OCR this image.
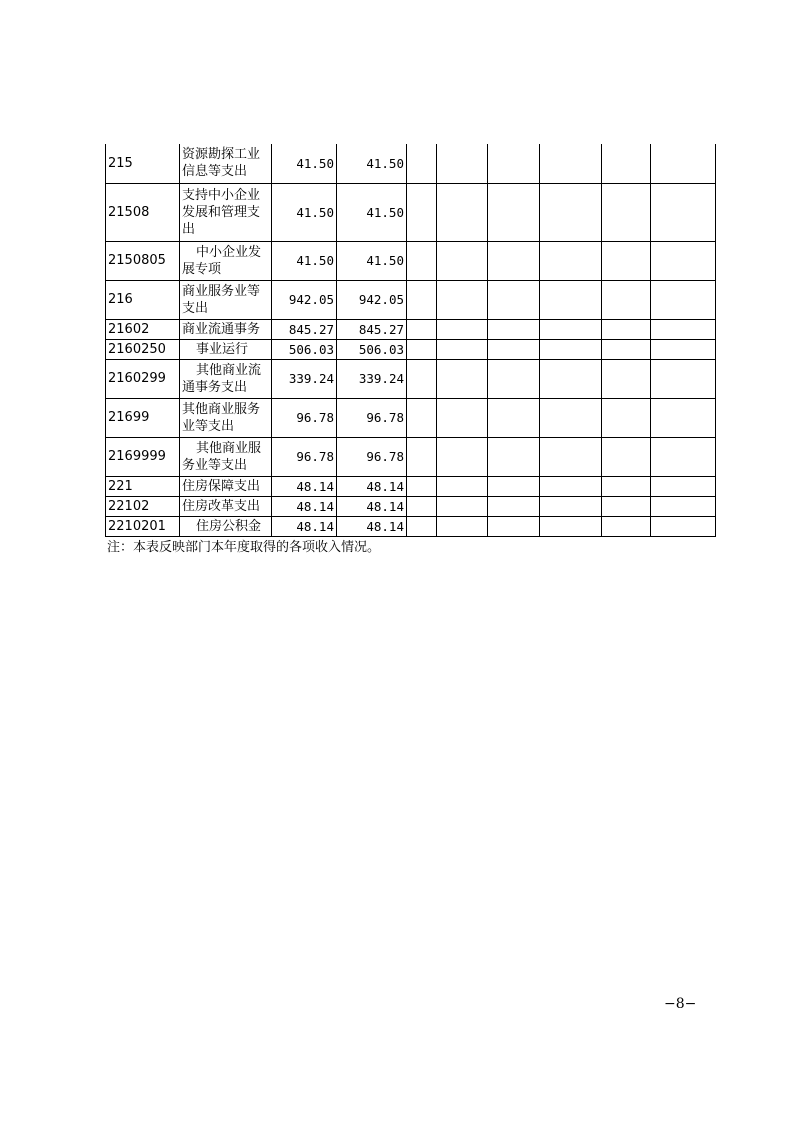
215	资源勘探工业信息等支出	41.50	41.50						
21508	支持中小企业发展和管理支出	41.50	41.50						
2150805	中小企业发展专项	41.50	41.50						
216	商业服务业等支出	942.05	942.05						
21602	商业流通事务	845.27	845.27						
2160250	事业运行	506.03	506.03						
2160299	其他商业流通事务支出	339.24	339.24						
21699	其他商业服务业等支出	96.78	96.78						
2169999	其他商业服务业等支出	96.78	96.78						
221	住房保障支出	48.14	48.14						
22102	住房改革支出	48.14	48.14						
2210201	住房公积金	48.14	48.14						
注：本表反映部门本年度取得的各项收入情况。
−8−
